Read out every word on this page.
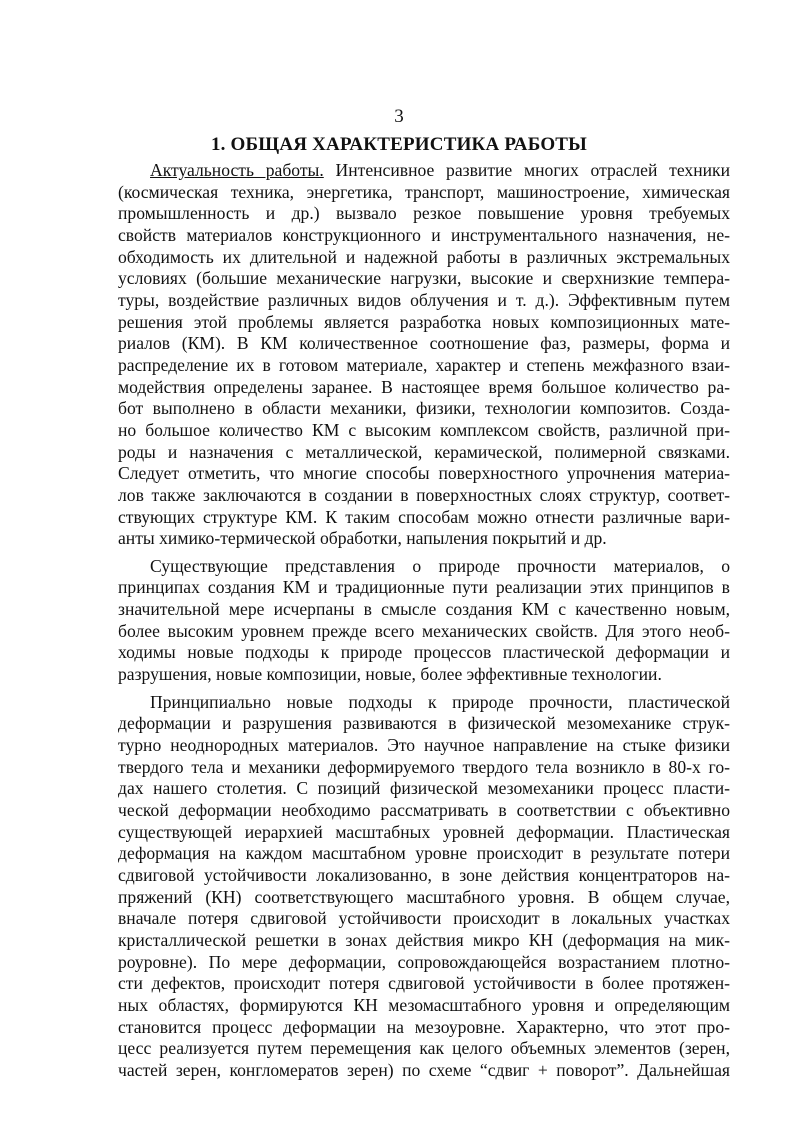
3
1. ОБЩАЯ ХАРАКТЕРИСТИКА РАБОТЫ
Актуальность работы. Интенсивное развитие многих отраслей техники
(космическая техника, энергетика, транспорт, машиностроение, химическая
промышленность и др.) вызвало резкое повышение уровня требуемых
свойств материалов конструкционного и инструментального назначения, не-
обходимость их длительной и надежной работы в различных экстремальных
условиях (большие механические нагрузки, высокие и сверхнизкие темпера-
туры, воздействие различных видов облучения и т. д.). Эффективным путем
решения этой проблемы является разработка новых композиционных мате-
риалов (КМ). В КМ количественное соотношение фаз, размеры, форма и
распределение их в готовом материале, характер и степень межфазного взаи-
модействия определены заранее. В настоящее время большое количество ра-
бот выполнено в области механики, физики, технологии композитов. Созда-
но большое количество КМ с высоким комплексом свойств, различной при-
роды и назначения с металлической, керамической, полимерной связками.
Следует отметить, что многие способы поверхностного упрочнения материа-
лов также заключаются в создании в поверхностных слоях структур, соответ-
ствующих структуре КМ. К таким способам можно отнести различные вари-
анты химико-термической обработки, напыления покрытий и др.
Существующие представления о природе прочности материалов, о
принципах создания КМ и традиционные пути реализации этих принципов в
значительной мере исчерпаны в смысле создания КМ с качественно новым,
более высоким уровнем прежде всего механических свойств. Для этого необ-
ходимы новые подходы к природе процессов пластической деформации и
разрушения, новые композиции, новые, более эффективные технологии.
Принципиально новые подходы к природе прочности, пластической
деформации и разрушения развиваются в физической мезомеханике струк-
турно неоднородных материалов. Это научное направление на стыке физики
твердого тела и механики деформируемого твердого тела возникло в 80-х го-
дах нашего столетия. С позиций физической мезомеханики процесс пласти-
ческой деформации необходимо рассматривать в соответствии с объективно
существующей иерархией масштабных уровней деформации. Пластическая
деформация на каждом масштабном уровне происходит в результате потери
сдвиговой устойчивости локализованно, в зоне действия концентраторов на-
пряжений (КН) соответствующего масштабного уровня. В общем случае,
вначале потеря сдвиговой устойчивости происходит в локальных участках
кристаллической решетки в зонах действия микро КН (деформация на мик-
роуровне). По мере деформации, сопровождающейся возрастанием плотно-
сти дефектов, происходит потеря сдвиговой устойчивости в более протяжен-
ных областях, формируются КН мезомасштабного уровня и определяющим
становится процесс деформации на мезоуровне. Характерно, что этот про-
цесс реализуется путем перемещения как целого объемных элементов (зерен,
частей зерен, конгломератов зерен) по схеме “сдвиг + поворот”. Дальнейшая
